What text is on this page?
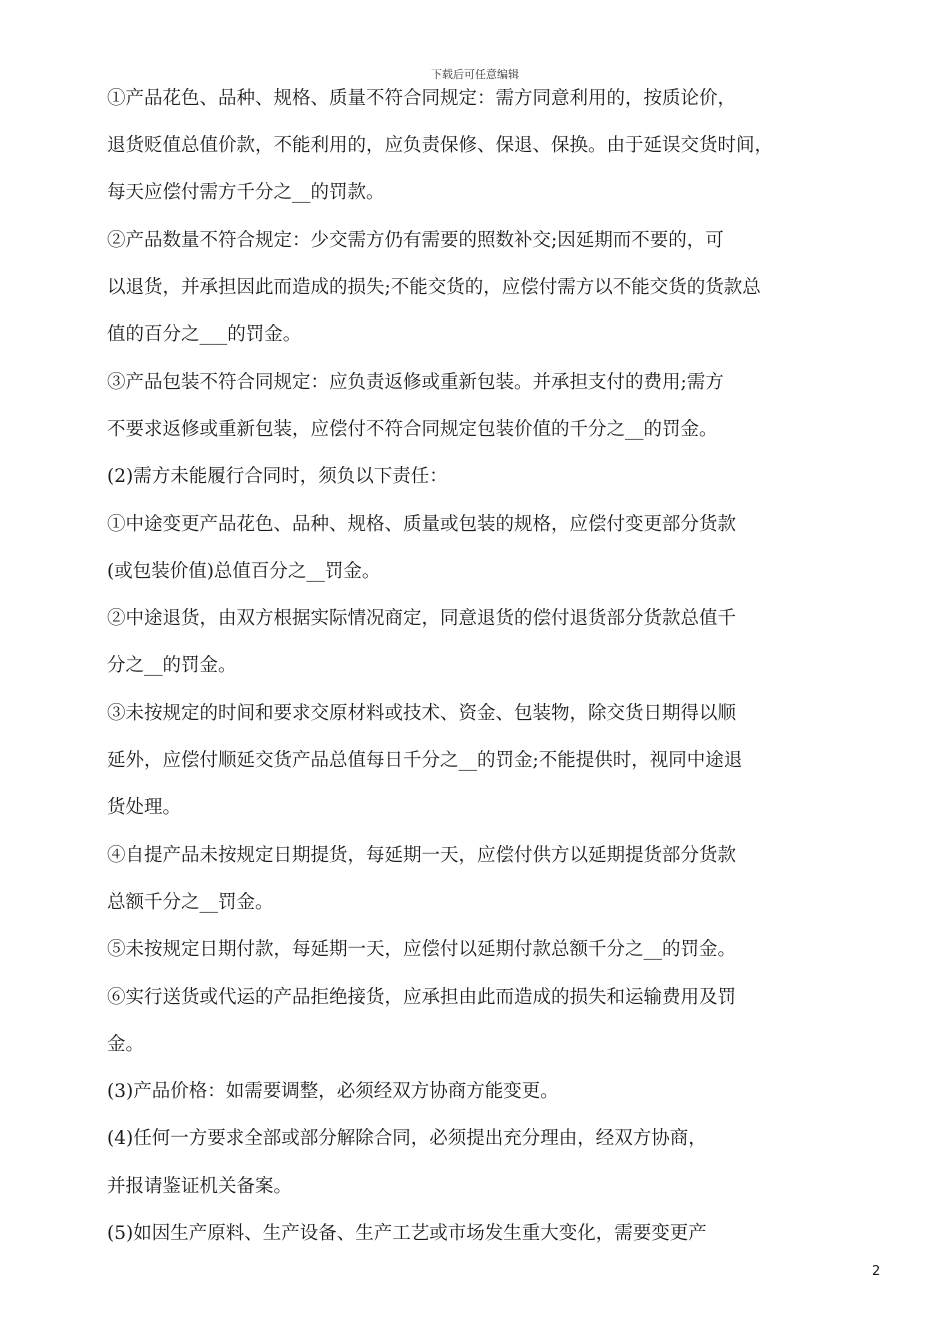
下载后可任意编辑
①产品花色、品种、规格、质量不符合同规定：需方同意利用的，按质论价，
退货贬值总值价款，不能利用的，应负责保修、保退、保换。由于延误交货时间，
每天应偿付需方千分之__的罚款。
②产品数量不符合规定：少交需方仍有需要的照数补交;因延期而不要的，可
以退货，并承担因此而造成的损失;不能交货的，应偿付需方以不能交货的货款总
值的百分之___的罚金。
③产品包装不符合同规定：应负责返修或重新包装。并承担支付的费用;需方
不要求返修或重新包装，应偿付不符合同规定包装价值的千分之__的罚金。
(2)需方未能履行合同时，须负以下责任：
①中途变更产品花色、品种、规格、质量或包装的规格，应偿付变更部分货款
(或包装价值)总值百分之__罚金。
②中途退货，由双方根据实际情况商定，同意退货的偿付退货部分货款总值千
分之__的罚金。
③未按规定的时间和要求交原材料或技术、资金、包装物，除交货日期得以顺
延外，应偿付顺延交货产品总值每日千分之__的罚金;不能提供时，视同中途退
货处理。
④自提产品未按规定日期提货，每延期一天，应偿付供方以延期提货部分货款
总额千分之__罚金。
⑤未按规定日期付款，每延期一天，应偿付以延期付款总额千分之__的罚金。
⑥实行送货或代运的产品拒绝接货，应承担由此而造成的损失和运输费用及罚
金。
(3)产品价格：如需要调整，必须经双方协商方能变更。
(4)任何一方要求全部或部分解除合同，必须提出充分理由，经双方协商，
并报请鉴证机关备案。
(5)如因生产原料、生产设备、生产工艺或市场发生重大变化，需要变更产
2
